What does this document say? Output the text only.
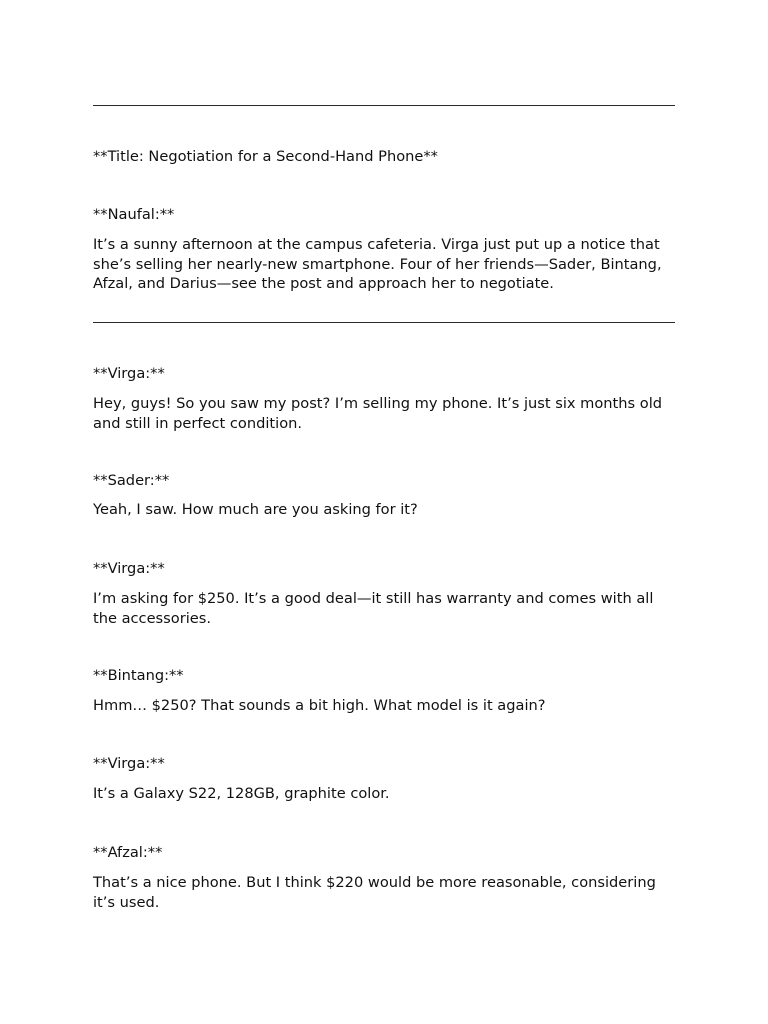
**Title: Negotiation for a Second-Hand Phone**

**Naufal:**

It’s a sunny afternoon at the campus cafeteria. Virga just put up a notice that she’s selling her nearly-new smartphone. Four of her friends—Sader, Bintang, Afzal, and Darius—see the post and approach her to negotiate.

**Virga:**

Hey, guys! So you saw my post? I’m selling my phone. It’s just six months old and still in perfect condition.

**Sader:**

Yeah, I saw. How much are you asking for it?

**Virga:**

I’m asking for $250. It’s a good deal—it still has warranty and comes with all the accessories.

**Bintang:**

Hmm… $250? That sounds a bit high. What model is it again?

**Virga:**

It’s a Galaxy S22, 128GB, graphite color.

**Afzal:**

That’s a nice phone. But I think $220 would be more reasonable, considering it’s used.
